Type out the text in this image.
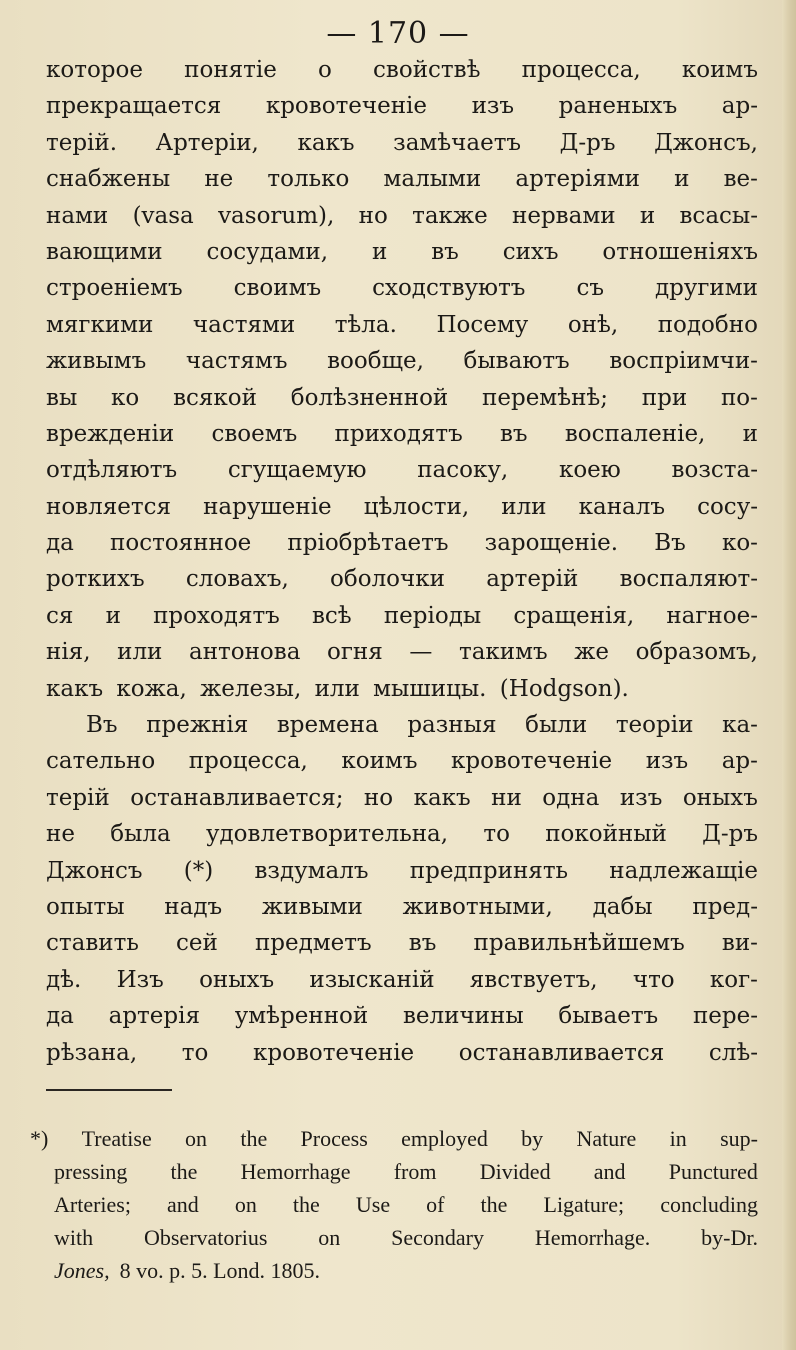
— 170 —
которое понятіе о свойствѣ процесса, коимъ
прекращается кровотеченіе изъ раненыхъ ар-
терій. Артеріи, какъ замѣчаетъ Д-ръ Джонсъ,
снабжены не только малыми артеріями и ве-
нами (vasa vasorum), но также нервами и всасы-
вающими сосудами, и въ сихъ отношеніяхъ
строеніемъ своимъ сходствуютъ съ другими
мягкими частями тѣла. Посему онѣ, подобно
живымъ частямъ вообще, бываютъ воспріимчи-
вы ко всякой болѣзненной перемѣнѣ; при по-
врежденіи своемъ приходятъ въ воспаленіе, и
отдѣляютъ сгущаемую пасоку, коею возста-
новляется нарушеніе цѣлости, или каналъ сосу-
да постоянное пріобрѣтаетъ зарощеніе. Въ ко-
роткихъ словахъ, оболочки артерій воспаляют-
ся и проходятъ всѣ періоды сращенія, нагное-
нія, или антонова огня — такимъ же образомъ,
какъ кожа, железы, или мышицы. (Hodgson).
Въ прежнія времена разныя были теоріи ка-
сательно процесса, коимъ кровотеченіе изъ ар-
терій останавливается; но какъ ни одна изъ оныхъ
не была удовлетворительна, то покойный Д-ръ
Джонсъ (*) вздумалъ предпринять надлежащіе
опыты надъ живыми животными, дабы пред-
ставить сей предметъ въ правильнѣйшемъ ви-
дѣ. Изъ оныхъ изысканій явствуетъ, что ког-
да артерія умѣренной величины бываетъ пере-
рѣзана, то кровотеченіе останавливается слѣ-
*) Treatise on the Process employed by Nature in sup-
pressing the Hemorrhage from Divided and Punctured
Arteries; and on the Use of the Ligature; concluding
with Observatorius on Secondary Hemorrhage. by-Dr.
Jones, 8 vo. p. 5. Lond. 1805.
